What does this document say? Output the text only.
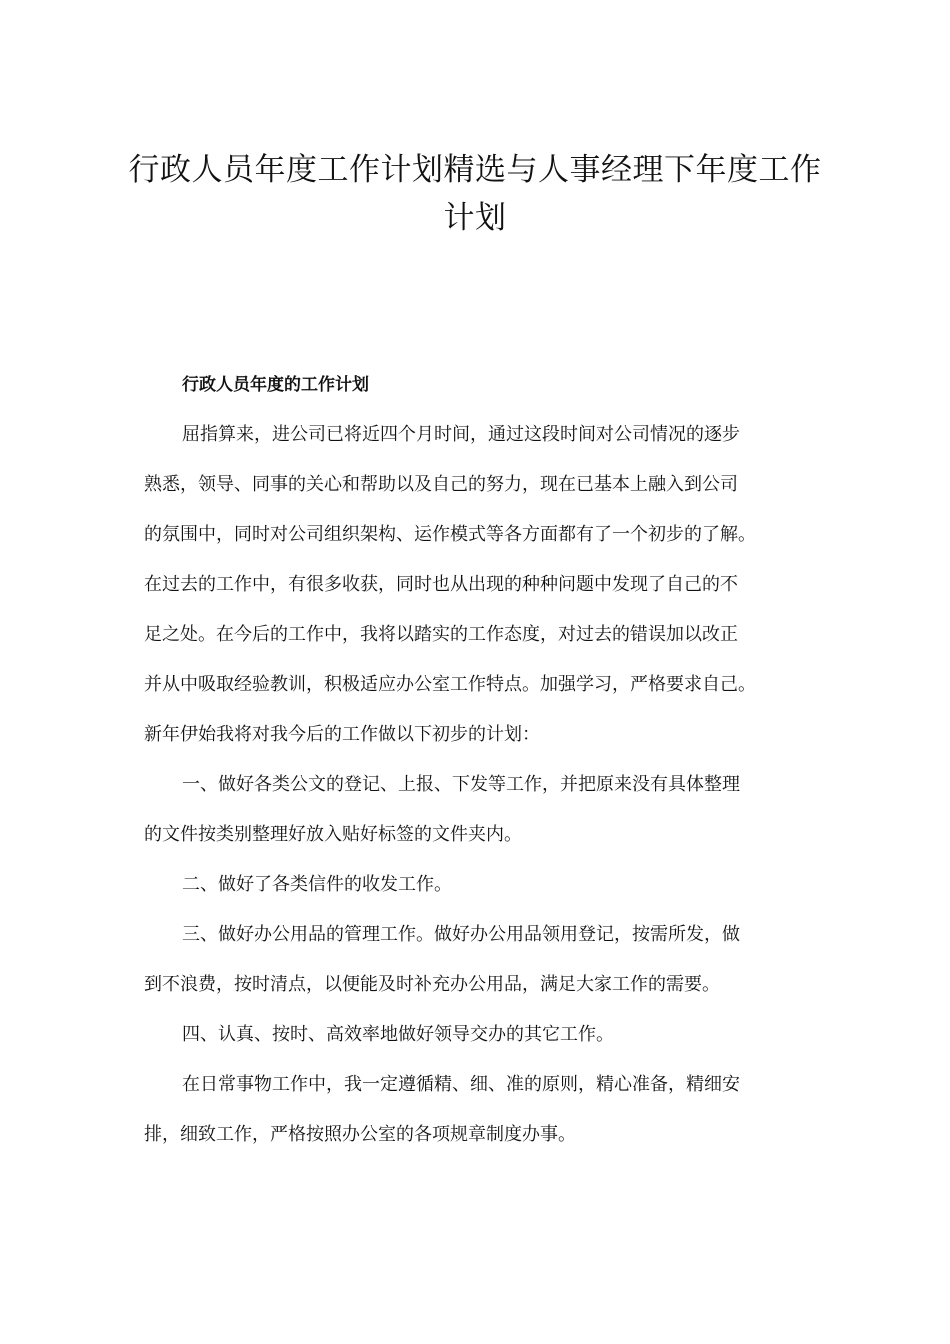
行政人员年度工作计划精选与人事经理下年度工作
计划
行政人员年度的工作计划
屈指算来，进公司已将近四个月时间，通过这段时间对公司情况的逐步
熟悉，领导、同事的关心和帮助以及自己的努力，现在已基本上融入到公司
的氛围中，同时对公司组织架构、运作模式等各方面都有了一个初步的了解。
在过去的工作中，有很多收获，同时也从出现的种种问题中发现了自己的不
足之处。在今后的工作中，我将以踏实的工作态度，对过去的错误加以改正
并从中吸取经验教训，积极适应办公室工作特点。加强学习，严格要求自己。
新年伊始我将对我今后的工作做以下初步的计划：
一、做好各类公文的登记、上报、下发等工作，并把原来没有具体整理
的文件按类别整理好放入贴好标签的文件夹内。
二、做好了各类信件的收发工作。
三、做好办公用品的管理工作。做好办公用品领用登记，按需所发，做
到不浪费，按时清点，以便能及时补充办公用品，满足大家工作的需要。
四、认真、按时、高效率地做好领导交办的其它工作。
在日常事物工作中，我一定遵循精、细、准的原则，精心准备，精细安
排，细致工作，严格按照办公室的各项规章制度办事。
